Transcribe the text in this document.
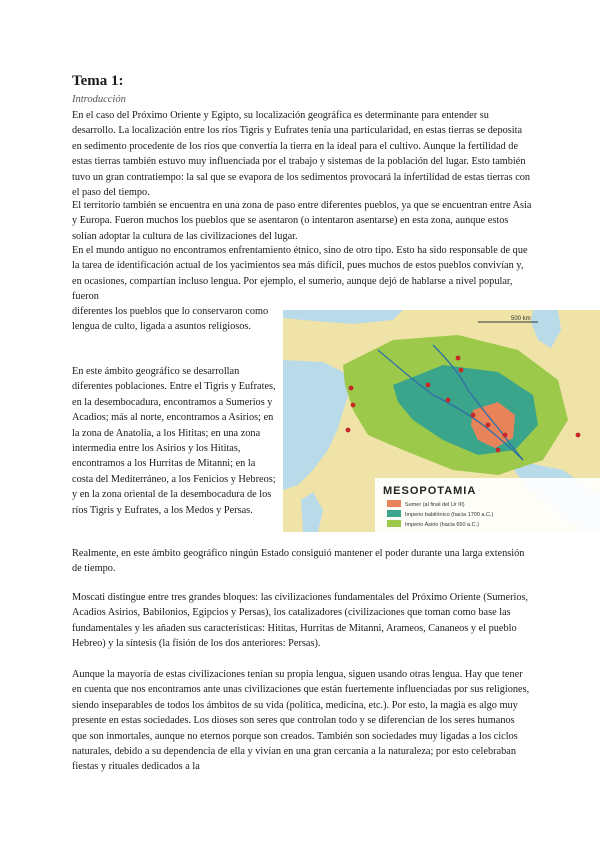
Tema 1:

Introducción

En el caso del Próximo Oriente y Egipto, su localización geográfica es determinante para entender su desarrollo. La localización entre los ríos Tigris y Eufrates tenía una particularidad, en estas tierras se deposita en sedimento procedente de los ríos que convertía la tierra en la ideal para el cultivo. Aunque la fertilidad de estas tierras también estuvo muy influenciada por el trabajo y sistemas de la población del lugar. Esto también tuvo un gran contratiempo: la sal que se evapora de los sedimentos provocará la infertilidad de estas tierras con el paso del tiempo.

El territorio también se encuentra en una zona de paso entre diferentes pueblos, ya que se encuentran entre Asia y Europa. Fueron muchos los pueblos que se asentaron (o intentaron asentarse) en esta zona, aunque estos solían adoptar la cultura de las civilizaciones del lugar.

En el mundo antiguo no encontramos enfrentamiento étnico, sino de otro tipo. Esto ha sido responsable de que la tarea de identificación actual de los yacimientos sea más difícil, pues muchos de estos pueblos convivían y, en ocasiones, compartían incluso lengua. Por ejemplo, el sumerio, aunque dejó de hablarse a nivel popular, fueron

diferentes los pueblos que lo conservaron como lengua de culto, ligada a asuntos religiosos.

En este ámbito geográfico se desarrollan diferentes poblaciones. Entre el Tigris y Eufrates, en la desembocadura, encontramos a Sumerios y Acadios; más al norte, encontramos a Asirios; en la zona de Anatolia, a los Hititas; en una zona intermedia entre los Asirios y los Hititas, encontramos a los Hurritas de Mitanni; en la costa del Mediterráneo, a los Fenicios y Hebreos; y en la zona oriental de la desembocadura de los ríos Tigris y Eufrates, a los Medos y Persas.

Realmente, en este ámbito geográfico ningún Estado consiguió mantener el poder durante una larga extensión de tiempo.

Moscati distingue entre tres grandes bloques: las civilizaciones fundamentales del Próximo Oriente (Sumerios, Acadios Asirios, Babilonios, Egipcios y Persas), los catalizadores (civilizaciones que toman como base las fundamentales y les añaden sus características: Hititas, Hurritas de Mitanni, Arameos, Cananeos y el pueblo Hebreo) y la síntesis (la fisión de los dos anteriores: Persas).

Aunque la mayoría de estas civilizaciones tenían su propia lengua, siguen usando otras lengua. Hay que tener en cuenta que nos encontramos ante unas civilizaciones que están fuertemente influenciadas por sus religiones, siendo inseparables de todos los ámbitos de su vida (política, medicina, etc.). Por esto, la magia es algo muy presente en estas sociedades. Los dioses son seres que controlan todo y se diferencian de los seres humanos que son inmortales, aunque no eternos porque son creados. También son sociedades muy ligadas a los ciclos naturales, debido a su dependencia de ella y vivían en una gran cercanía a la naturaleza; por esto celebraban fiestas y rituales dedicados a la

500 km
MESOPOTAMIA
Sumer (al final del Ur III)
Imperio babilónico (hacia 1700 a.C.)
Imperio Asirio (hacia 650 a.C.)
